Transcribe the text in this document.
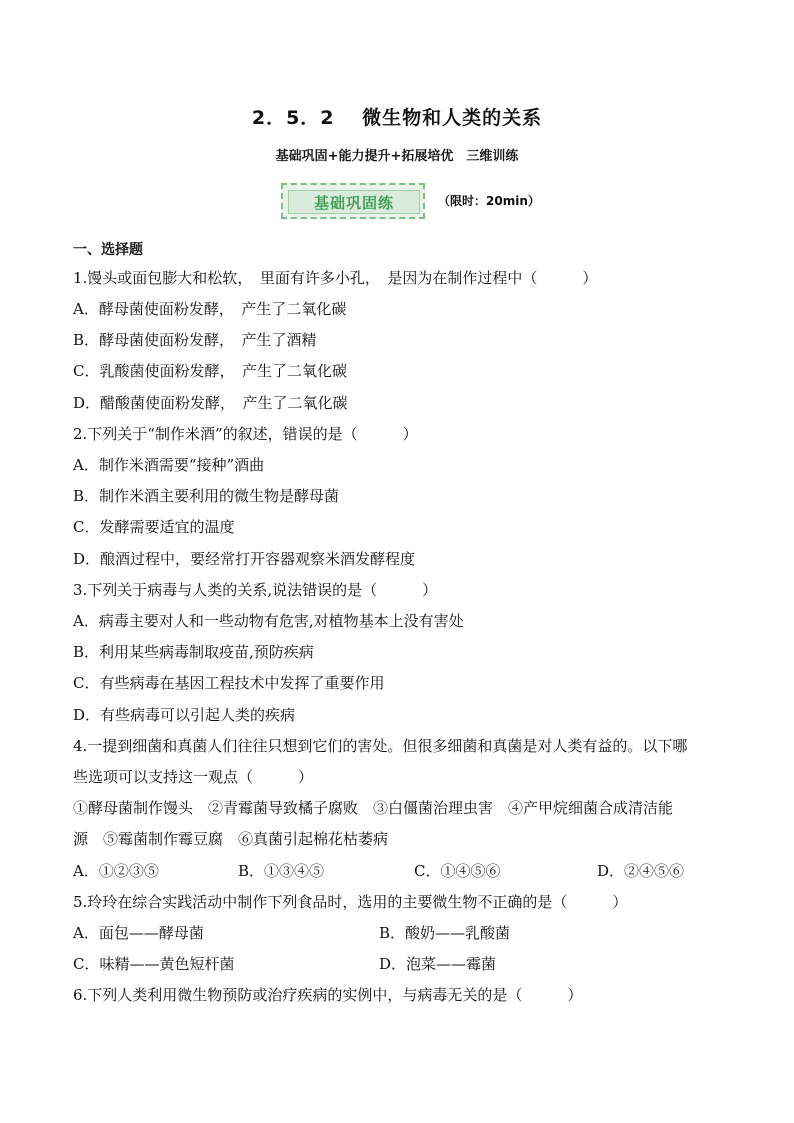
2．5．2　 微生物和人类的关系
基础巩固+能力提升+拓展培优　三维训练
基础巩固练	（限时：20min）
一、选择题
1.馒头或面包膨大和松软，　里面有许多小孔，　是因为在制作过程中（　　　）
A．酵母菌使面粉发酵，　产生了二氧化碳
B．酵母菌使面粉发酵，　产生了酒精
C．乳酸菌使面粉发酵，　产生了二氧化碳
D．醋酸菌使面粉发酵，　产生了二氧化碳
2.下列关于“制作米酒”的叙述，错误的是（　　　）
A．制作米酒需要“接种”酒曲
B．制作米酒主要利用的微生物是酵母菌
C．发酵需要适宜的温度
D．酿酒过程中，要经常打开容器观察米酒发酵程度
3.下列关于病毒与人类的关系,说法错误的是（　　　）
A．病毒主要对人和一些动物有危害,对植物基本上没有害处
B．利用某些病毒制取疫苗,预防疾病
C．有些病毒在基因工程技术中发挥了重要作用
D．有些病毒可以引起人类的疾病
4.一提到细菌和真菌人们往往只想到它们的害处。但很多细菌和真菌是对人类有益的。以下哪
些选项可以支持这一观点（　　　）
①酵母菌制作馒头　②青霉菌导致橘子腐败　③白僵菌治理虫害　④产甲烷细菌合成清洁能
源　⑤霉菌制作霉豆腐　⑥真菌引起棉花枯萎病
A．①②③⑤	B．①③④⑤	C．①④⑤⑥	D．②④⑤⑥
5.玲玲在综合实践活动中制作下列食品时，选用的主要微生物不正确的是（　　　）
A．面包——酵母菌	B．酸奶——乳酸菌
C．味精——黄色短杆菌	D．泡菜——霉菌
6.下列人类利用微生物预防或治疗疾病的实例中，与病毒无关的是（　　　）
